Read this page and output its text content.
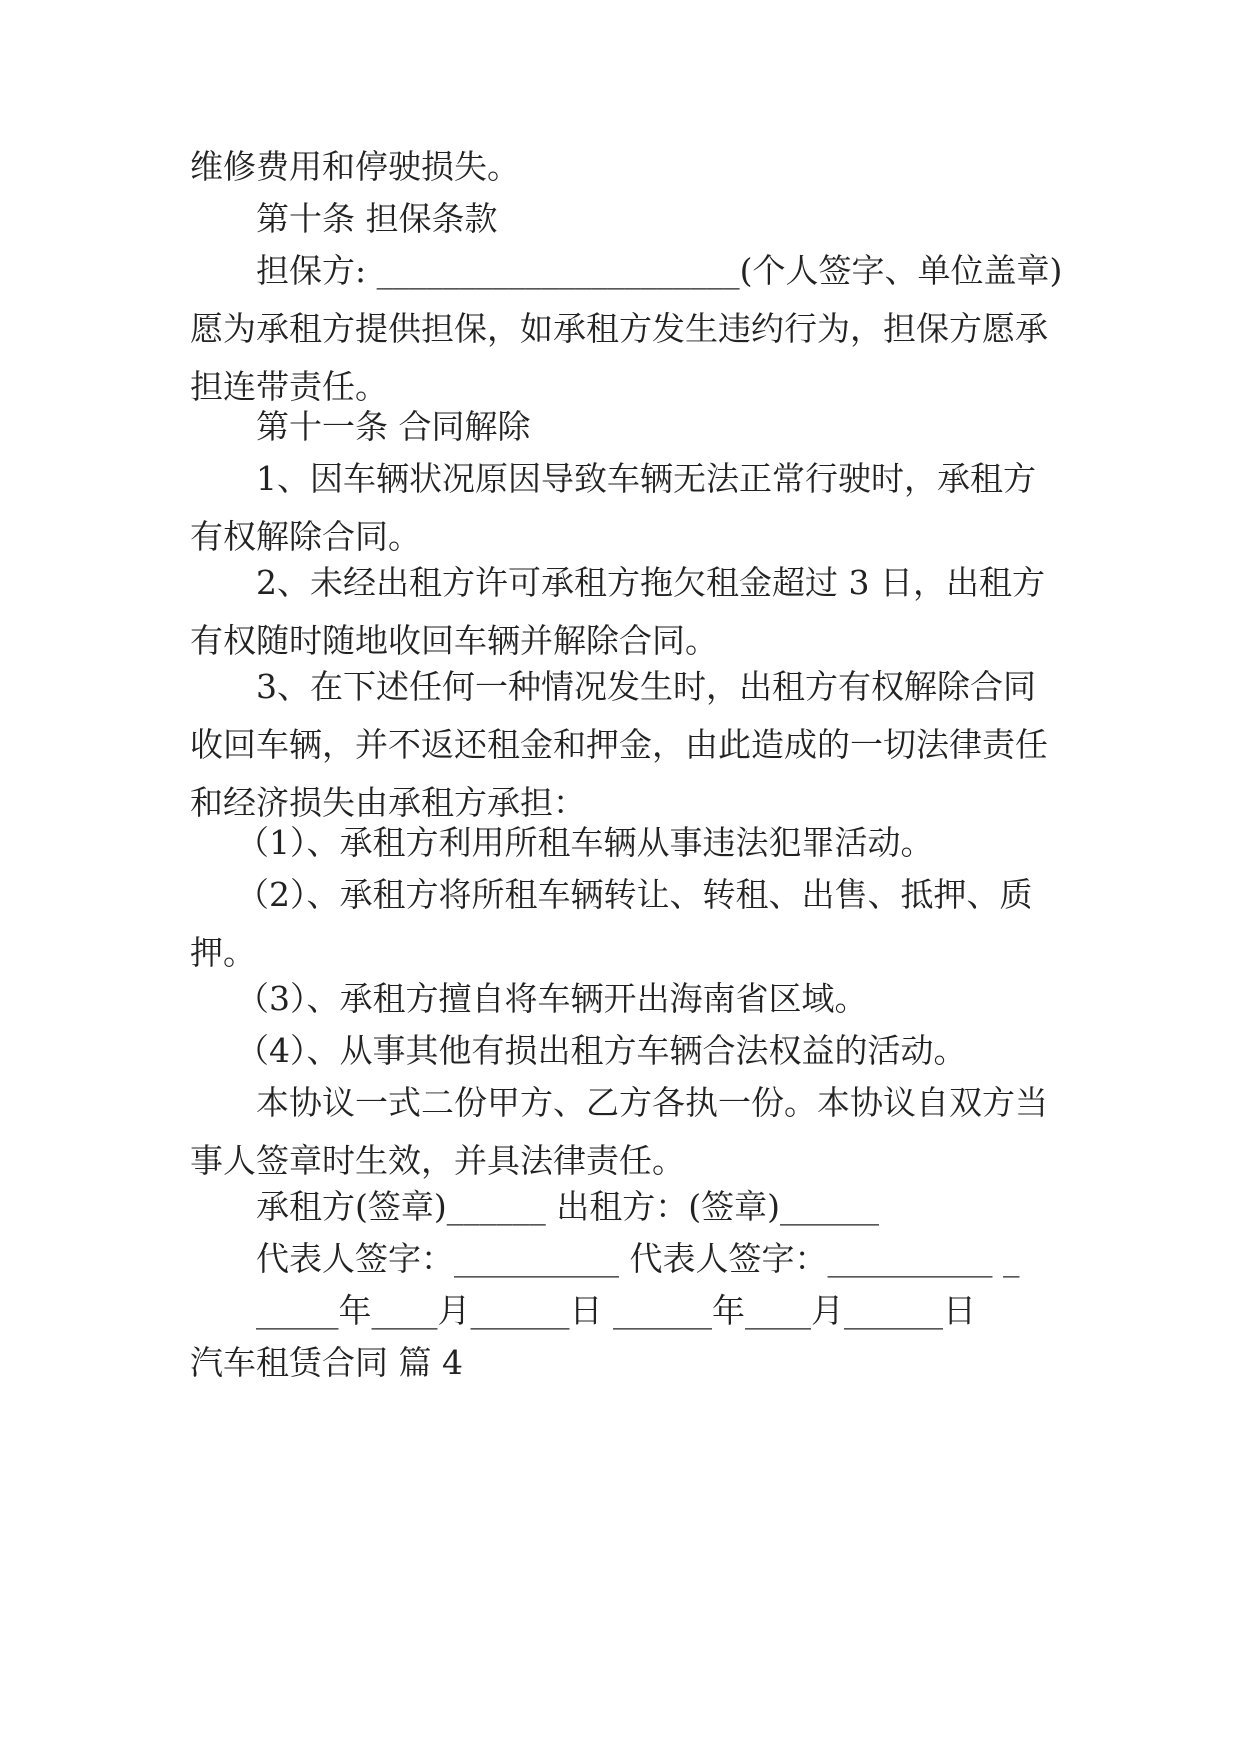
维修费用和停驶损失。

第十条 担保条款

担保方: ______________________(个人签字、单位盖章)

愿为承租方提供担保，如承租方发生违约行为，担保方愿承担连带责任。

第十一条 合同解除

1、因车辆状况原因导致车辆无法正常行驶时，承租方有权解除合同。

2、未经出租方许可承租方拖欠租金超过 3 日，出租方有权随时随地收回车辆并解除合同。

3、在下述任何一种情况发生时，出租方有权解除合同收回车辆，并不返还租金和押金，由此造成的一切法律责任和经济损失由承租方承担：

（1）、承租方利用所租车辆从事违法犯罪活动。

（2）、承租方将所租车辆转让、转租、出售、抵押、质押。

（3）、承租方擅自将车辆开出海南省区域。

（4）、从事其他有损出租方车辆合法权益的活动。

本协议一式二份甲方、乙方各执一份。本协议自双方当事人签章时生效，并具法律责任。

承租方(签章)______ 出租方：(签章)______

代表人签字：__________ 代表人签字：__________ _

_____年____月______日 ______年____月______日

汽车租赁合同 篇 4
